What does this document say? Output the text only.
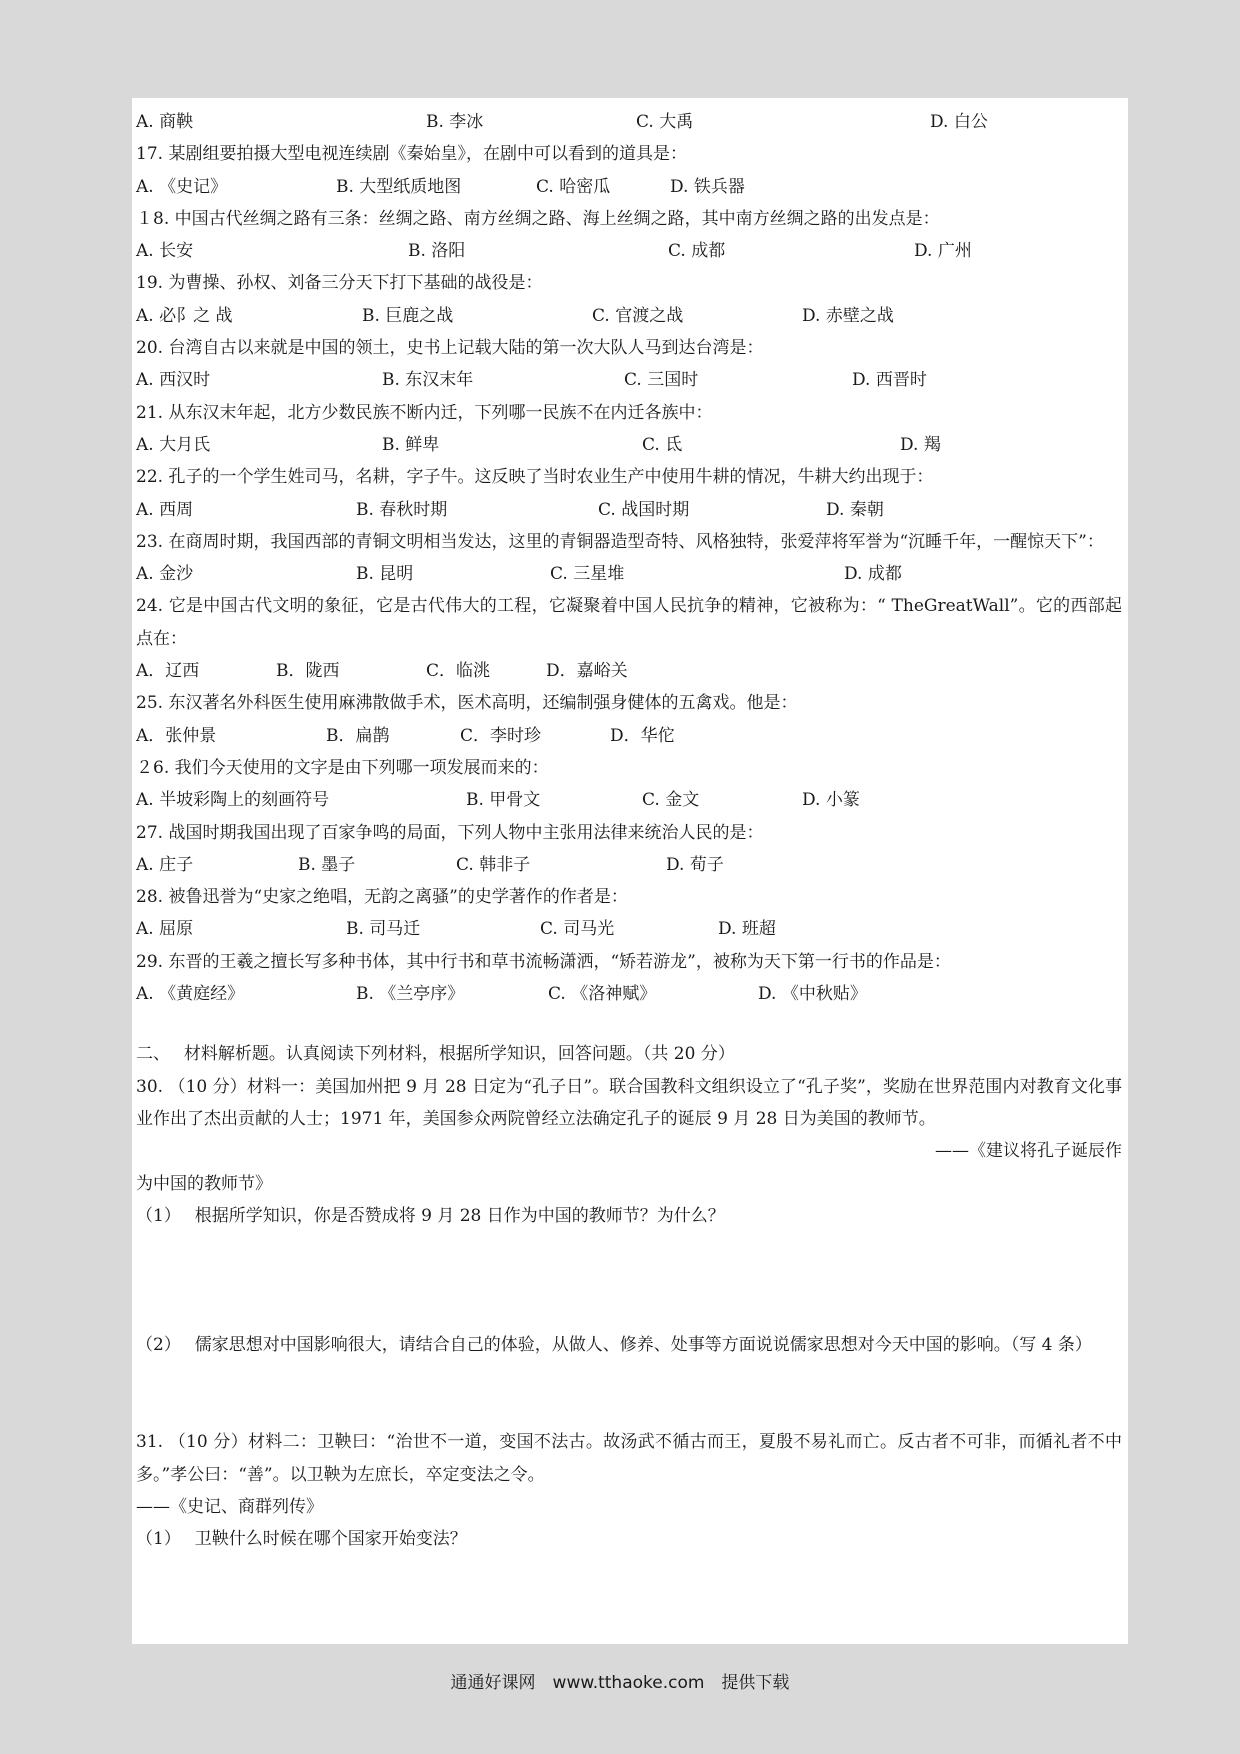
A. 商鞅	B. 李冰	C. 大禹	D. 白公
17. 某剧组要拍摄大型电视连续剧《秦始皇》，在剧中可以看到的道具是：
A. 《史记》	B. 大型纸质地图	C. 哈密瓜	D. 铁兵器
１8. 中国古代丝绸之路有三条：丝绸之路、南方丝绸之路、海上丝绸之路，其中南方丝绸之路的出发点是：
A. 长安	B. 洛阳	C. 成都	D. 广州
19. 为曹操、孙权、刘备三分天下打下基础的战役是：
A. 必阝之 战	B. 巨鹿之战	C. 官渡之战	D. 赤壁之战
20. 台湾自古以来就是中国的领土，史书上记载大陆的第一次大队人马到达台湾是：
A. 西汉时	B. 东汉末年	C. 三国时	D. 西晋时
21. 从东汉末年起，北方少数民族不断内迁，下列哪一民族不在内迁各族中：
A. 大月氏	B. 鲜卑	C. 氐	D. 羯
22. 孔子的一个学生姓司马，名耕，字子牛。这反映了当时农业生产中使用牛耕的情况，牛耕大约出现于：
A. 西周	B. 春秋时期	C. 战国时期	D. 秦朝
23. 在商周时期，我国西部的青铜文明相当发达，这里的青铜器造型奇特、风格独特，张爱萍将军誉为“沉睡千年，一醒惊天下”：
A. 金沙	B. 昆明	C. 三星堆	D. 成都
24. 它是中国古代文明的象征，它是古代伟大的工程，它凝聚着中国人民抗争的精神，它被称为：“ TheGreatWall”。它的西部起点在：
A．辽西	B．陇西	C．临洮	D．嘉峪关
25. 东汉著名外科医生使用麻沸散做手术，医术高明，还编制强身健体的五禽戏。他是：
A．张仲景	B．扁鹊	C．李时珍	D．华佗
２6. 我们今天使用的文字是由下列哪一项发展而来的：
A. 半坡彩陶上的刻画符号	B. 甲骨文	C. 金文	D. 小篆
27. 战国时期我国出现了百家争鸣的局面，下列人物中主张用法律来统治人民的是：
A. 庄子	B. 墨子	C. 韩非子	D. 荀子
28. 被鲁迅誉为“史家之绝唱，无韵之离骚”的史学著作的作者是：
A. 屈原	B. 司马迁	C. 司马光	D. 班超
29. 东晋的王羲之擅长写多种书体，其中行书和草书流畅潇洒，“矫若游龙”，被称为天下第一行书的作品是：
A. 《黄庭经》	B. 《兰亭序》	C. 《洛神赋》	D. 《中秋贴》
二、　 材料解析题。认真阅读下列材料，根据所学知识，回答问题。（共 20 分）
30. （10 分）材料一：美国加州把 9 月 28 日定为“孔子日”。联合国教科文组织设立了“孔子奖”，奖励在世界范围内对教育文化事业作出了杰出贡献的人士；1971 年，美国参众两院曾经立法确定孔子的诞辰 9 月 28 日为美国的教师节。
——《建议将孔子诞辰作
为中国的教师节》
（1）　 根据所学知识，你是否赞成将 9 月 28 日作为中国的教师节？为什么？
（2）　 儒家思想对中国影响很大，请结合自己的体验，从做人、修养、处事等方面说说儒家思想对今天中国的影响。（写 4 条）
31. （10 分）材料二：卫鞅曰：“治世不一道，变国不法古。故汤武不循古而王，夏殷不易礼而亡。反古者不可非，而循礼者不中多。”孝公曰：“善”。以卫鞅为左庶长，卒定变法之令。
——《史记、商群列传》
（1）　 卫鞅什么时候在哪个国家开始变法？
通通好课网　www.tthaoke.com　提供下载
